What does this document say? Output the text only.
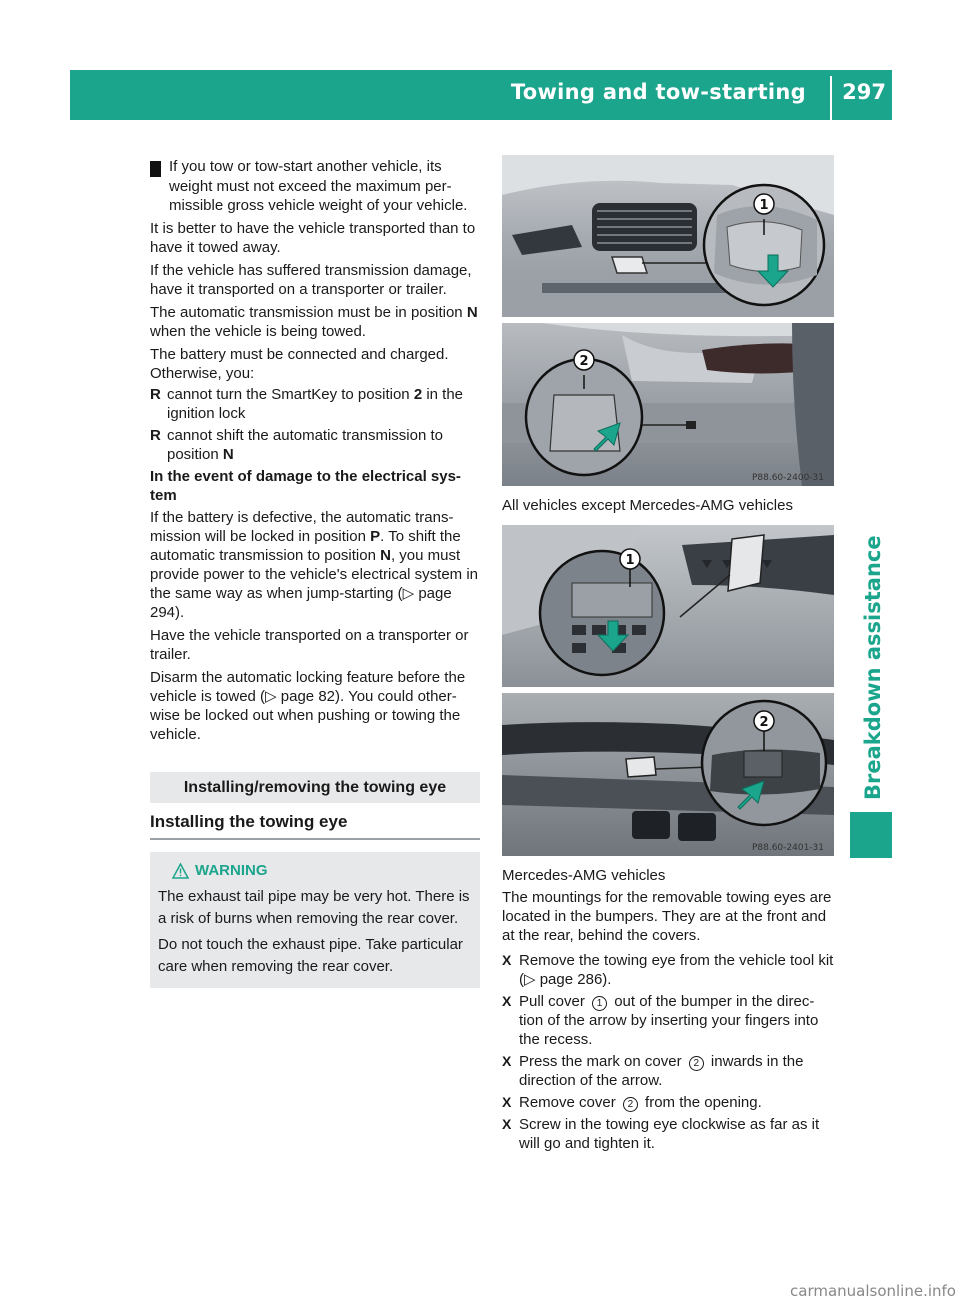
Towing and tow-starting 297
Breakdown assistance

! If you tow or tow-start another vehicle, its

weight must not exceed the maximum per-missible gross vehicle weight of your vehicle.

It is better to have the vehicle transported than to have it towed away.

If the vehicle has suffered transmission damage, have it transported on a transporter or trailer.

The automatic transmission must be in position N when the vehicle is being towed.

The battery must be connected and charged. Otherwise, you:

R cannot turn the SmartKey to position 2 in the ignition lock
R cannot shift the automatic transmission to position N

In the event of damage to the electrical sys-tem

If the battery is defective, the automatic trans-mission will be locked in position P. To shift the automatic transmission to position N, you must provide power to the vehicle's electrical system in the same way as when jump-starting (▷ page 294).

Have the vehicle transported on a transporter or trailer.

Disarm the automatic locking feature before the vehicle is towed (▷ page 82). You could other-wise be locked out when pushing or towing the vehicle.

Installing/removing the towing eye
Installing the towing eye
WARNING

The exhaust tail pipe may be very hot. There is a risk of burns when removing the rear cover.

Do not touch the exhaust pipe. Take particular care when removing the rear cover.

1
2
P88.60-2400-31

All vehicles except Mercedes-AMG vehicles

1
2
P88.60-2401-31

Mercedes-AMG vehicles

The mountings for the removable towing eyes are located in the bumpers. They are at the front and at the rear, behind the covers.

X Remove the towing eye from the vehicle tool kit (▷ page 286).
X Pull cover 1 out of the bumper in the direc-tion of the arrow by inserting your fingers into the recess.
X Press the mark on cover 2 inwards in the direction of the arrow.
X Remove cover 2 from the opening.
X Screw in the towing eye clockwise as far as it will go and tighten it.
carmanualsonline.info
